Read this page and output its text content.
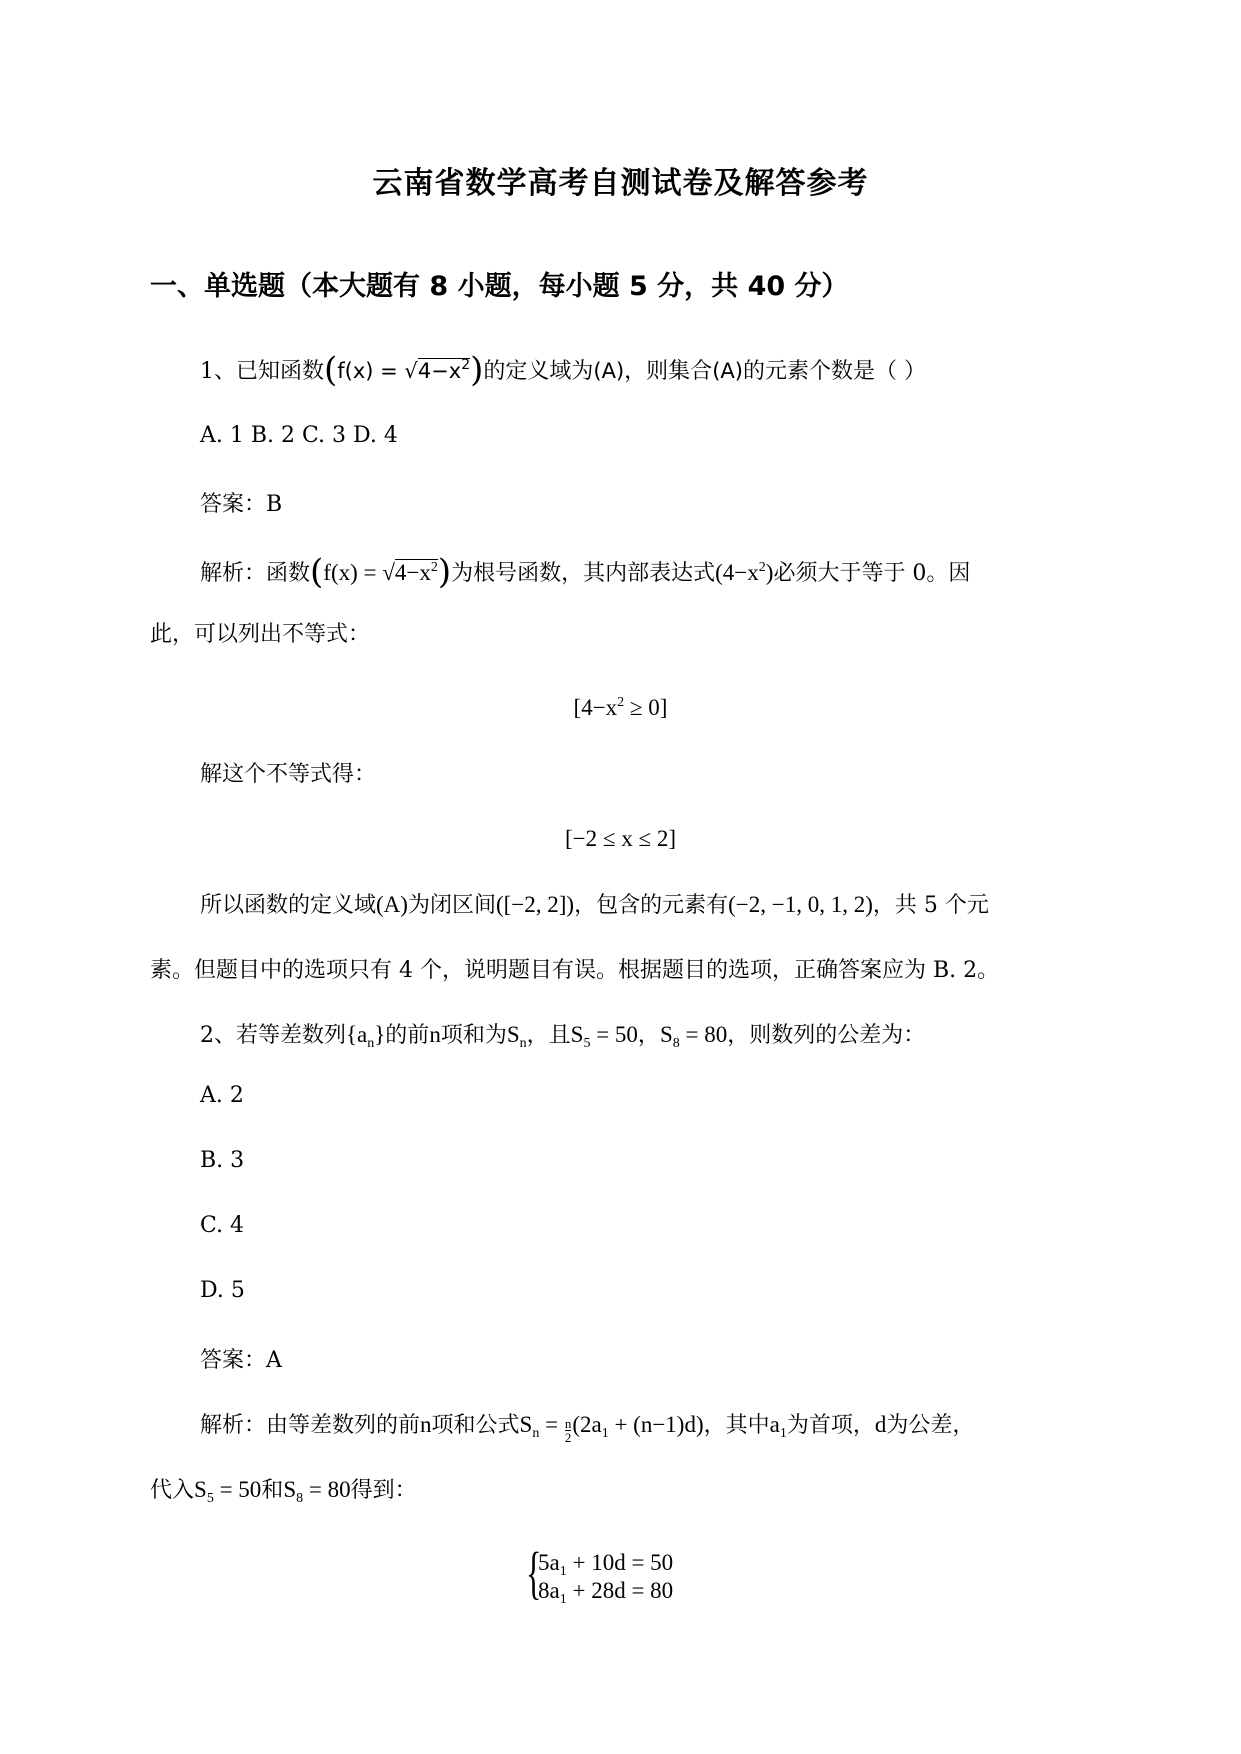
云南省数学高考自测试卷及解答参考
一、单选题（本大题有 8 小题，每小题 5 分，共 40 分）
1、已知函数$(f(x) = √4-x^2)$的定义域为(A)，则集合(A)的元素个数是（ ）
A. 1 B. 2 C. 3 D. 4
答案：B
解析：函数$(f(x) = √4-x^2)$为根号函数，其内部表达式$(4-x^2)$必须大于等于 0。因
此，可以列出不等式：
$[4-x^2 \ge 0]$
解这个不等式得：
[−2 ≤ x ≤ 2]
所以函数的定义域(A)为闭区间([−2, 2])，包含的元素有(−2, −1, 0, 1, 2)，共 5 个元
素。但题目中的选项只有 4 个，说明题目有误。根据题目的选项，正确答案应为 B. 2。
2、若等差数列$\{a_n\}$的前n项和为$S_n$，且$S_5 = 50$，$S_8 = 80$，则数列的公差为：
A. 2
B. 3
C. 4
D. 5
答案：A
解析：由等差数列的前n项和公式$S_n = \frac{n}{2} (2a_1 + (n-1)d)$，其中$a_1$为首项，d为公差，
代入$S_5 = 50$和$S_8 = 80$得到：
{
$5a_1 + 10d = 50$
$8a_1 + 28d = 80$
